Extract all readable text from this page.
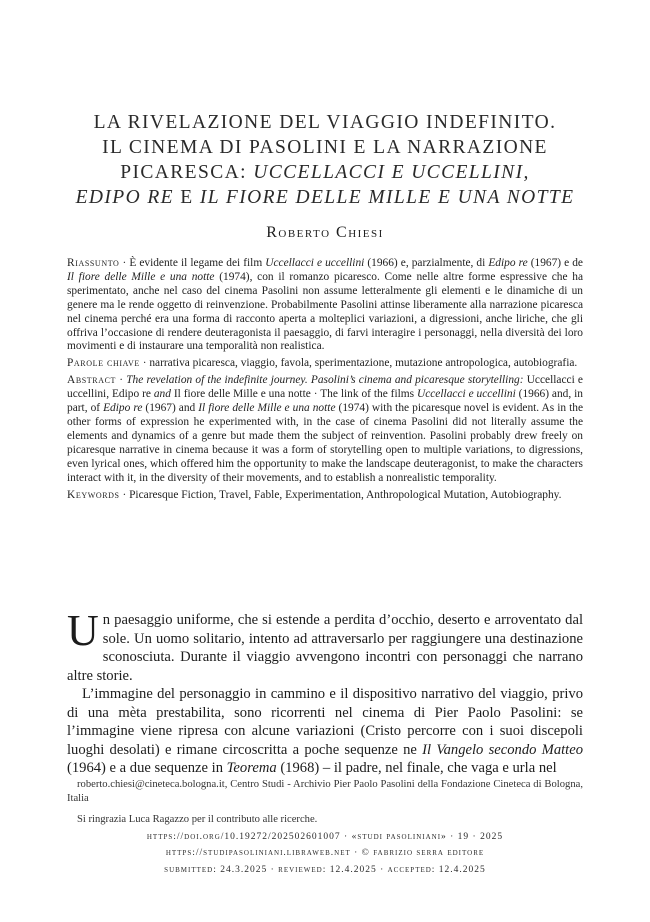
LA RIVELAZIONE DEL VIAGGIO INDEFINITO.
IL CINEMA DI PASOLINI E LA NARRAZIONE
PICARESCA: UCCELLACCI E UCCELLINI,
EDIPO RE E IL FIORE DELLE MILLE E UNA NOTTE
Roberto Chiesi

Riassunto · È evidente il legame dei film Uccellacci e uccellini (1966) e, parzialmente, di Edipo re (1967) e de Il fiore delle Mille e una notte (1974), con il romanzo picaresco. Come nelle altre forme espressive che ha sperimentato, anche nel caso del cinema Pasolini non assume letteralmente gli elementi e le dinamiche di un genere ma le rende oggetto di reinvenzione. Probabilmente Pasolini attinse liberamente alla narrazione picaresca nel cinema perché era una forma di racconto aperta a molteplici variazioni, a digressioni, anche liriche, che gli offriva l’occasione di rendere deuteragonista il paesaggio, di farvi interagire i personaggi, nella diversità dei loro movimenti e di instaurare una temporalità non realistica.

Parole chiave · narrativa picaresca, viaggio, favola, sperimentazione, mutazione antropologica, autobiografia.

Abstract · The revelation of the indefinite journey. Pasolini’s cinema and picaresque storytelling: Uccellacci e uccellini, Edipo re and Il fiore delle Mille e una notte · The link of the films Uccellacci e uccellini (1966) and, in part, of Edipo re (1967) and Il fiore delle Mille e una notte (1974) with the picaresque novel is evident. As in the other forms of expression he experimented with, in the case of cinema Pasolini did not literally assume the elements and dynamics of a genre but made them the subject of reinvention. Pasolini probably drew freely on picaresque narrative in cinema because it was a form of storytelling open to multiple variations, to digressions, even lyrical ones, which offered him the opportunity to make the landscape deuteragonist, to make the characters interact with it, in the diversity of their movements, and to establish a nonrealistic temporality.

Keywords · Picaresque Fiction, Travel, Fable, Experimentation, Anthropological Mutation, Autobiography.

Un paesaggio uniforme, che si estende a perdita d’occhio, deserto e arroventato dal sole. Un uomo solitario, intento ad attraversarlo per raggiungere una destinazione sconosciuta. Durante il viaggio avvengono incontri con personaggi che narrano altre storie.

L’immagine del personaggio in cammino e il dispositivo narrativo del viaggio, privo di una mèta prestabilita, sono ricorrenti nel cinema di Pier Paolo Pasolini: se l’immagine viene ripresa con alcune variazioni (Cristo percorre con i suoi discepoli luoghi desolati) e rimane circoscritta a poche sequenze ne Il Vangelo secondo Matteo (1964) e a due sequenze in Teorema (1968) – il padre, nel finale, che vaga e urla nel

roberto.chiesi@cineteca.bologna.it, Centro Studi - Archivio Pier Paolo Pasolini della Fondazione Cineteca di Bologna, Italia

Si ringrazia Luca Ragazzo per il contributo alle ricerche.

https://doi.org/10.19272/202502601007 · «studi pasoliniani» · 19 · 2025
https://studipasoliniani.libraweb.net · © fabrizio serra editore
submitted: 24.3.2025 · reviewed: 12.4.2025 · accepted: 12.4.2025
